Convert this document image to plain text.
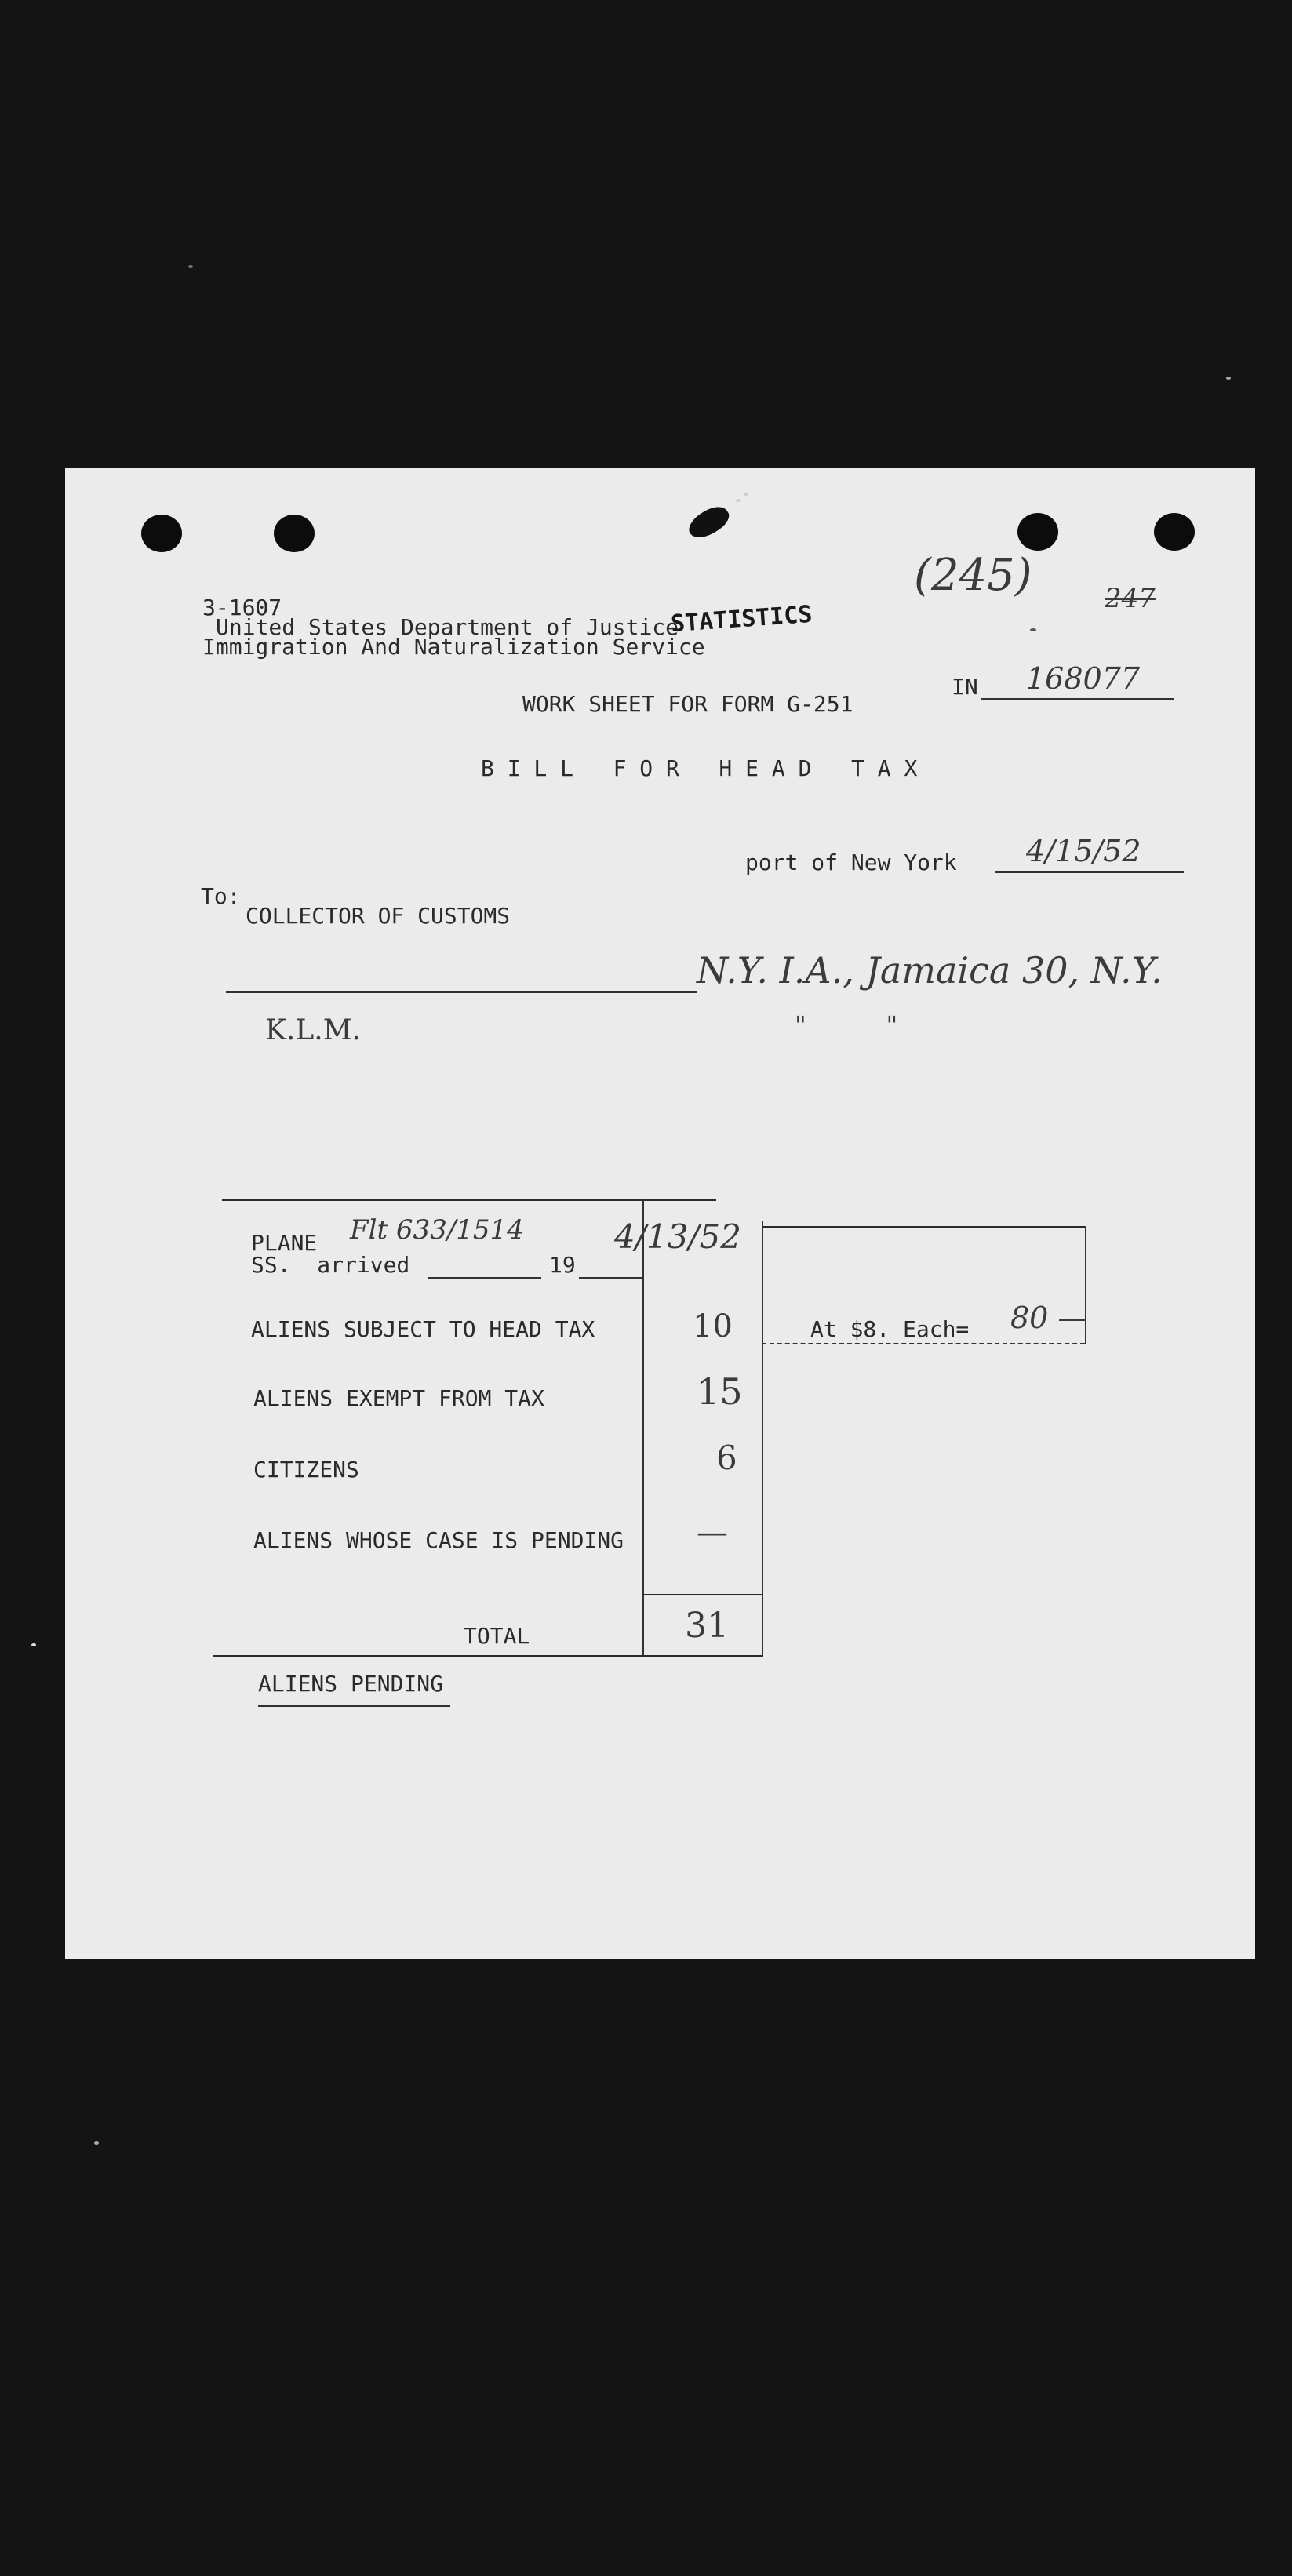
3-1607
United States Department of Justice
Immigration And Naturalization Service
STATISTICS
(245)	247
IN 168077
WORK SHEET FOR FORM G-251
B I L L   F O R   H E A D   T A X
port of New York 4/15/52
To:
COLLECTOR OF CUSTOMS
N.Y. I.A., Jamaica 30, N.Y.
K.L.M.	"          "
At $8. Each= 80 —
PLANE Flt 633/1514
SS.  arrived	19
4/13/52
ALIENS SUBJECT TO HEAD TAX	10
ALIENS EXEMPT FROM TAX	15
CITIZENS	6
ALIENS WHOSE CASE IS PENDING —
TOTAL	31
ALIENS PENDING
